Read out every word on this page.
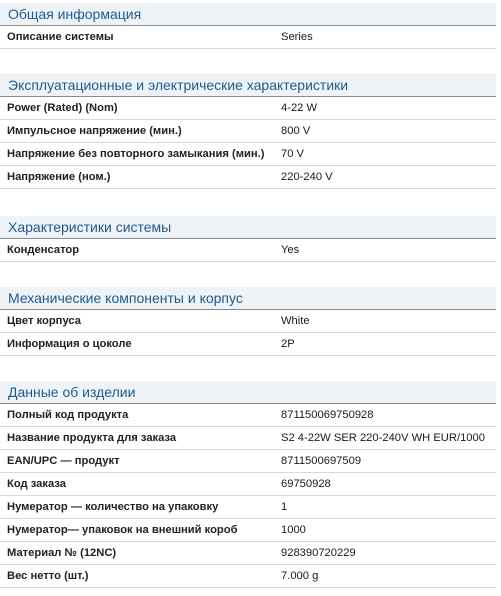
Общая информация
Описание системы	Series
Эксплуатационные и электрические характеристики
Power (Rated) (Nom)	4-22 W
Импульсное напряжение (мин.)	800 V
Напряжение без повторного замыкания (мин.)	70 V
Напряжение (ном.)	220-240 V
Характеристики системы
Конденсатор	Yes
Механические компоненты и корпус
Цвет корпуса	White
Информация о цоколе	2P
Данные об изделии
Полный код продукта	871150069750928
Название продукта для заказа	S2 4-22W SER 220-240V WH EUR/1000
EAN/UPC — продукт	8711500697509
Код заказа	69750928
Нумератор — количество на упаковку	1
Нумератор— упаковок на внешний короб	1000
Материал № (12NC)	928390720229
Вес нетто (шт.)	7.000 g
